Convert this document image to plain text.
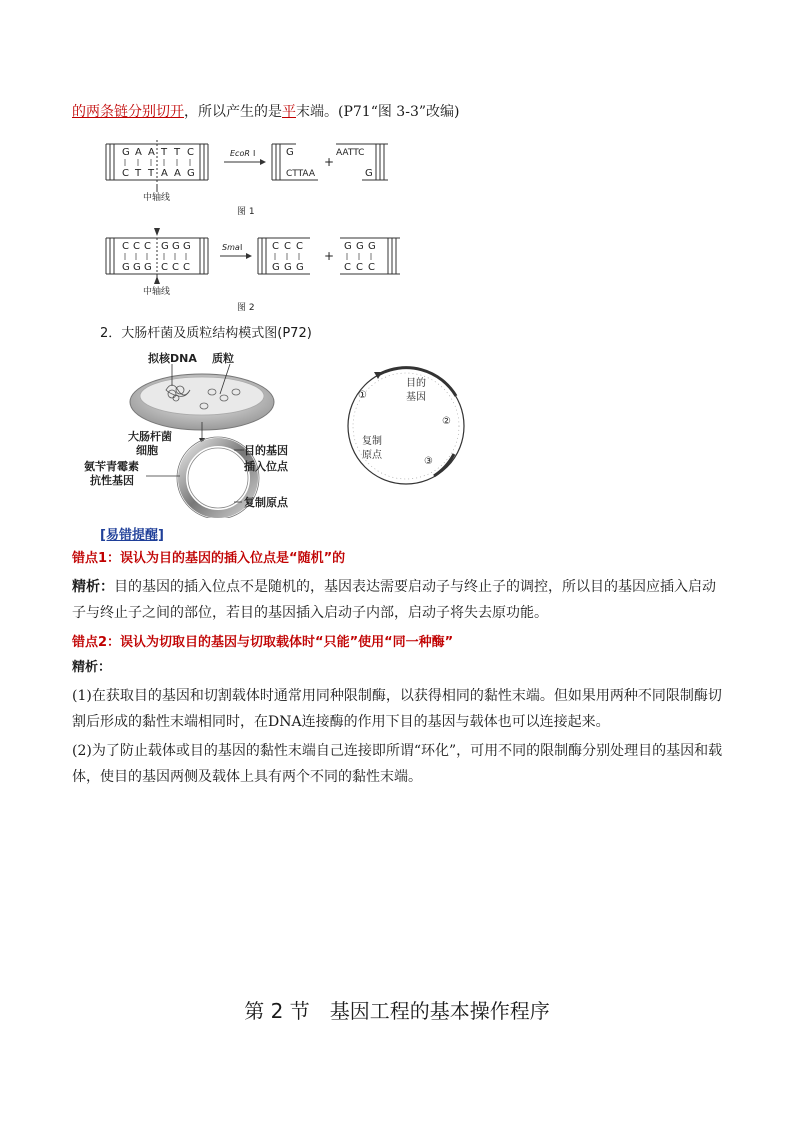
的两条链分别切开，所以产生的是平末端。(P71“图 3-3”改编)
G A A T T C
C T T A A G
EcoR Ⅰ	G
CTTAA
+
AATTC
G
中轴线
图 1
C C C G G G
G G G C C C
Sma Ⅰ	C C C
G G G
+
G G G
C C C
中轴线
图 2
2．大肠杆菌及质粒结构模式图(P72)
拟核DNA 质粒
大肠杆菌
细胞
氨苄青霉素
抗性基因
目的基因
插入位点
复制原点
目的
基因
复制
原点
①
②
③
[易错提醒]
错点1：误认为目的基因的插入位点是“随机”的
精析：目的基因的插入位点不是随机的，基因表达需要启动子与终止子的调控，所以目的基因应插入启动子与终止子之间的部位，若目的基因插入启动子内部，启动子将失去原功能。
错点2：误认为切取目的基因与切取载体时“只能”使用“同一种酶”
精析：
(1)在获取目的基因和切割载体时通常用同种限制酶，以获得相同的黏性末端。但如果用两种不同限制酶切割后形成的黏性末端相同时，在DNA连接酶的作用下目的基因与载体也可以连接起来。
(2)为了防止载体或目的基因的黏性末端自己连接即所谓“环化”，可用不同的限制酶分别处理目的基因和载体，使目的基因两侧及载体上具有两个不同的黏性末端。
第 2 节　基因工程的基本操作程序
